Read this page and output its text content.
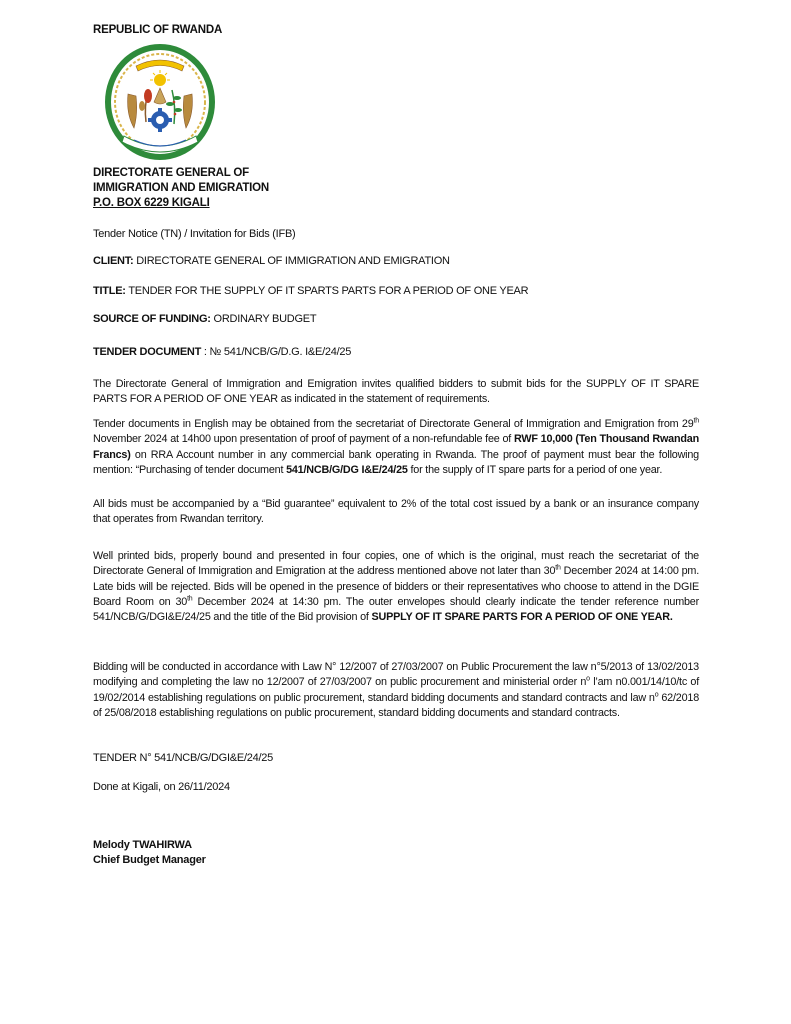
REPUBLIC OF RWANDA
DIRECTORATE GENERAL OF
IMMIGRATION AND EMIGRATION
P.O. BOX 6229 KIGALI
Tender Notice (TN) / Invitation for Bids (IFB)
CLIENT: DIRECTORATE GENERAL OF IMMIGRATION AND EMIGRATION
TITLE: TENDER FOR THE SUPPLY OF IT SPARTS PARTS FOR A PERIOD OF ONE YEAR
SOURCE OF FUNDING: ORDINARY BUDGET
TENDER DOCUMENT : № 541/NCB/G/D.G. I&E/24/25

The Directorate General of Immigration and Emigration invites qualified bidders to submit bids for the SUPPLY OF IT SPARE PARTS FOR A PERIOD OF ONE YEAR as indicated in the statement of requirements.

Tender documents in English may be obtained from the secretariat of Directorate General of Immigration and Emigration from 29th November 2024 at 14h00 upon presentation of proof of payment of a non-refundable fee of RWF 10,000 (Ten Thousand Rwandan Francs) on RRA Account number in any commercial bank operating in Rwanda. The proof of payment must bear the following mention: “Purchasing of tender document 541/NCB/G/DG I&E/24/25 for the supply of IT spare parts for a period of one year.

All bids must be accompanied by a “Bid guarantee” equivalent to 2% of the total cost issued by a bank or an insurance company that operates from Rwandan territory.

Well printed bids, properly bound and presented in four copies, one of which is the original, must reach the secretariat of the Directorate General of Immigration and Emigration at the address mentioned above not later than 30th December 2024 at 14:00 pm. Late bids will be rejected. Bids will be opened in the presence of bidders or their representatives who choose to attend in the DGIE Board Room on 30th December 2024 at 14:30 pm. The outer envelopes should clearly indicate the tender reference number 541/NCB/G/DGI&E/24/25 and the title of the Bid provision of SUPPLY OF IT SPARE PARTS FOR A PERIOD OF ONE YEAR.

Bidding will be conducted in accordance with Law N° 12/2007 of 27/03/2007 on Public Procurement the law n°5/2013 of 13/02/2013 modifying and completing the law no 12/2007 of 27/03/2007 on public procurement and ministerial order $n^o$ l’am n0.001/14/10/tc of 19/02/2014 establishing regulations on public procurement, standard bidding documents and standard contracts and law $n^o$ 62/2018 of 25/08/2018 establishing regulations on public procurement, standard bidding documents and standard contracts.

TENDER N° 541/NCB/G/DGI&E/24/25
Done at Kigali, on 26/11/2024
Melody TWAHIRWA
Chief Budget Manager
